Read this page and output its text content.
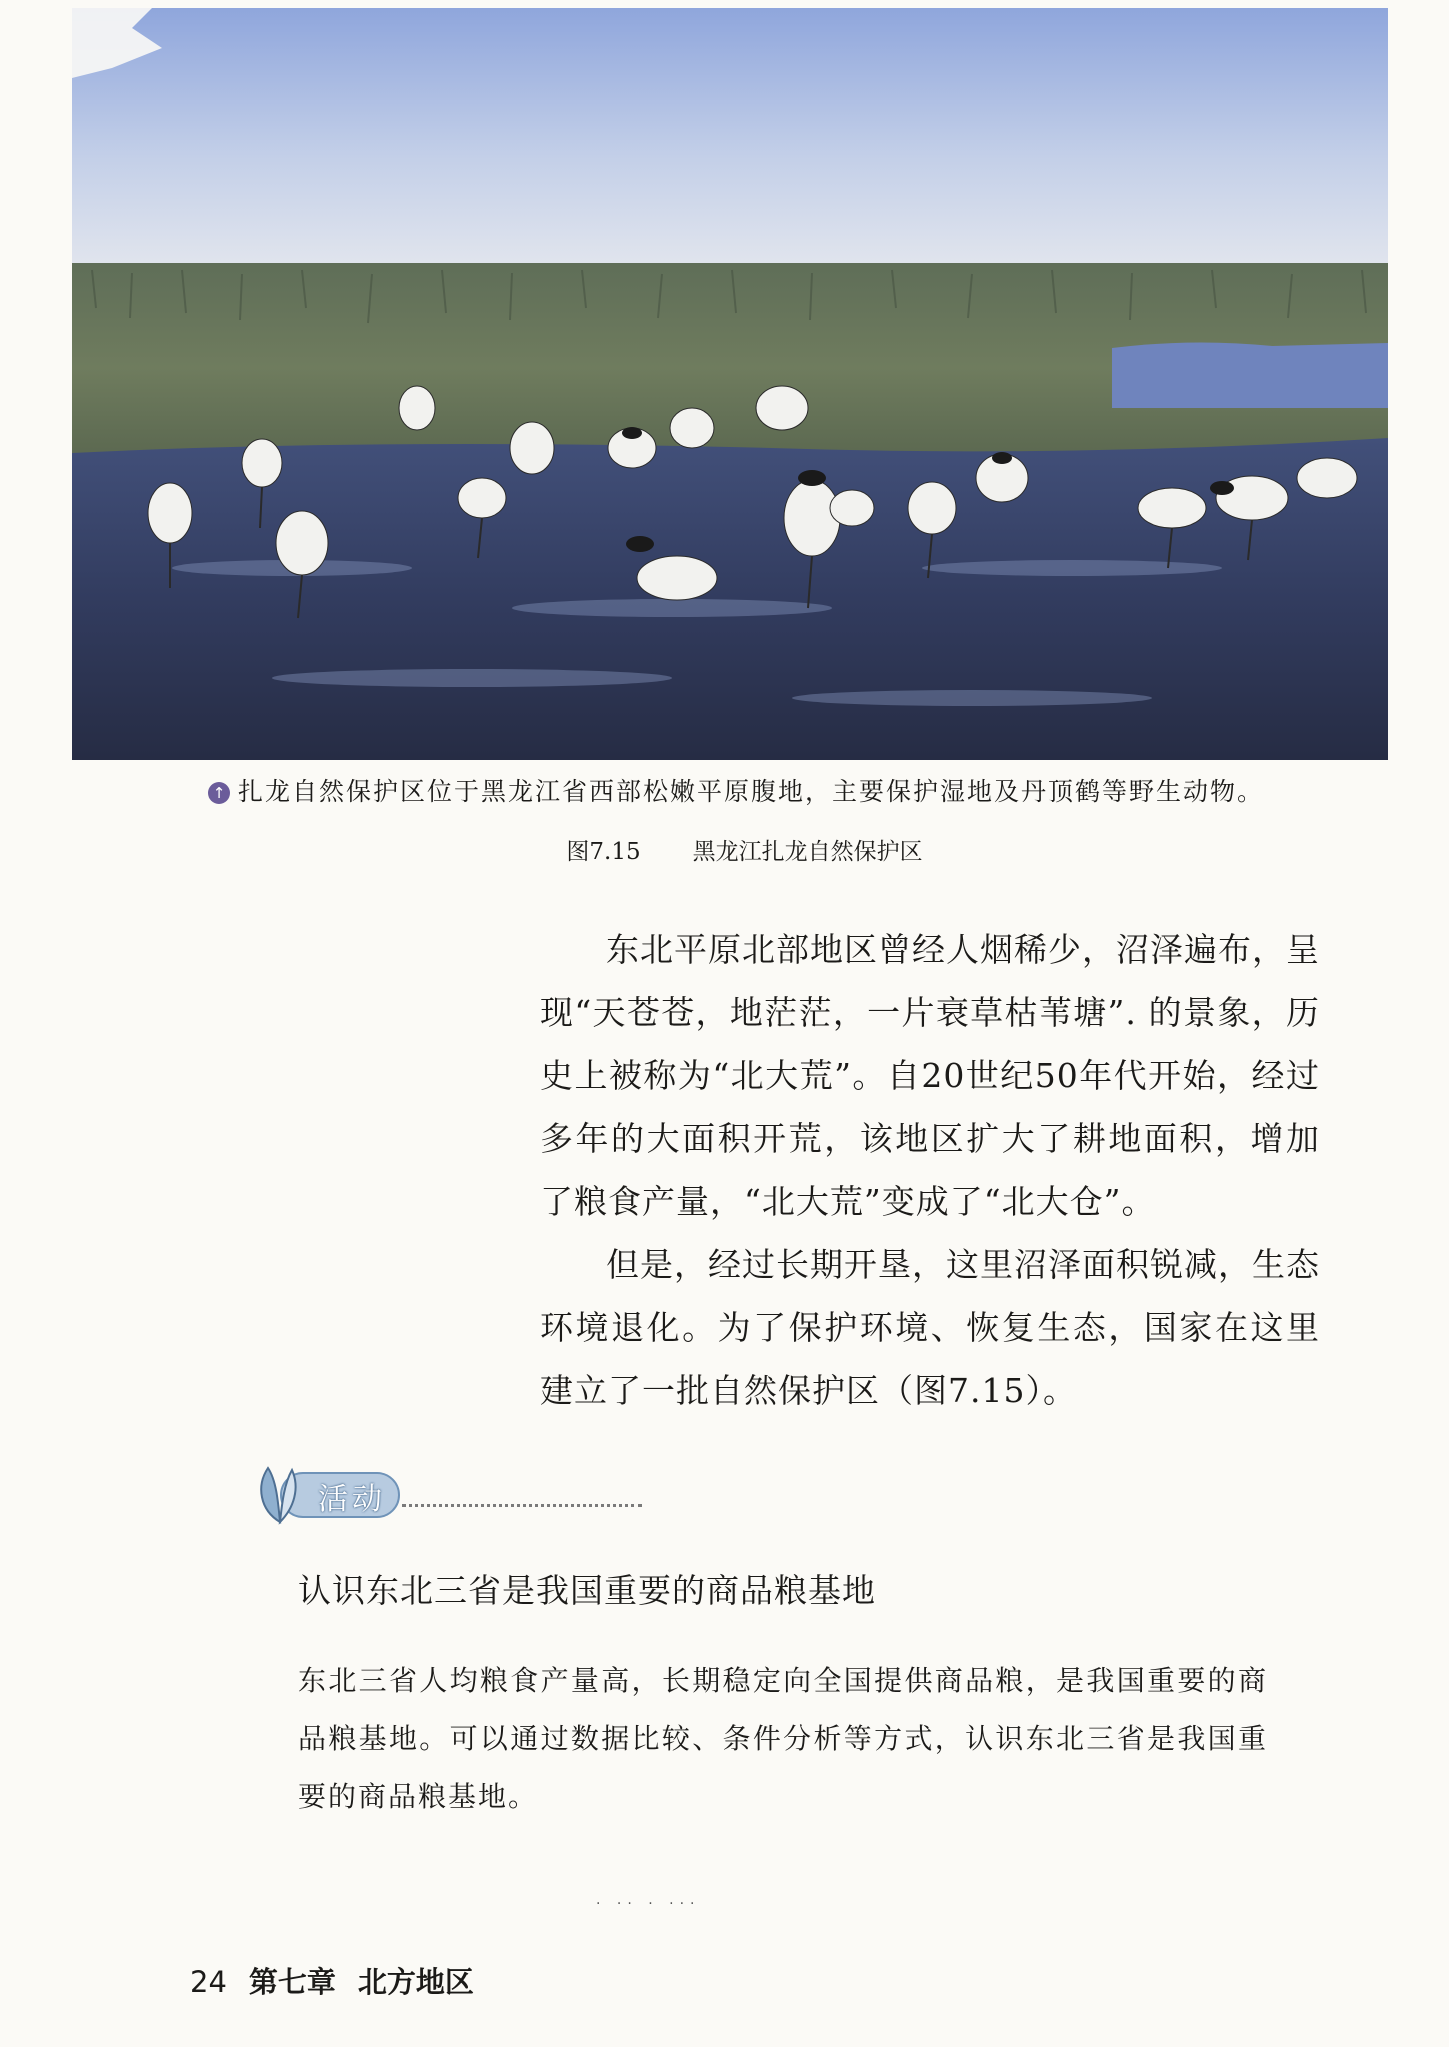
↑ 扎龙自然保护区位于黑龙江省西部松嫩平原腹地，主要保护湿地及丹顶鹤等野生动物。
图7.15 黑龙江扎龙自然保护区

东北平原北部地区曾经人烟稀少，沼泽遍布，呈现“天苍苍，地茫茫，一片衰草枯苇塘”. 的景象，历史上被称为“北大荒”。自20世纪50年代开始，经过多年的大面积开荒，该地区扩大了耕地面积，增加了粮食产量，“北大荒”变成了“北大仓”。

但是，经过长期开垦，这里沼泽面积锐减，生态环境退化。为了保护环境、恢复生态，国家在这里建立了一批自然保护区（图7.15）。

活动
认识东北三省是我国重要的商品粮基地

东北三省人均粮食产量高，长期稳定向全国提供商品粮，是我国重要的商品粮基地。可以通过数据比较、条件分析等方式，认识东北三省是我国重要的商品粮基地。

· ·· · ···
24 第七章 北方地区
